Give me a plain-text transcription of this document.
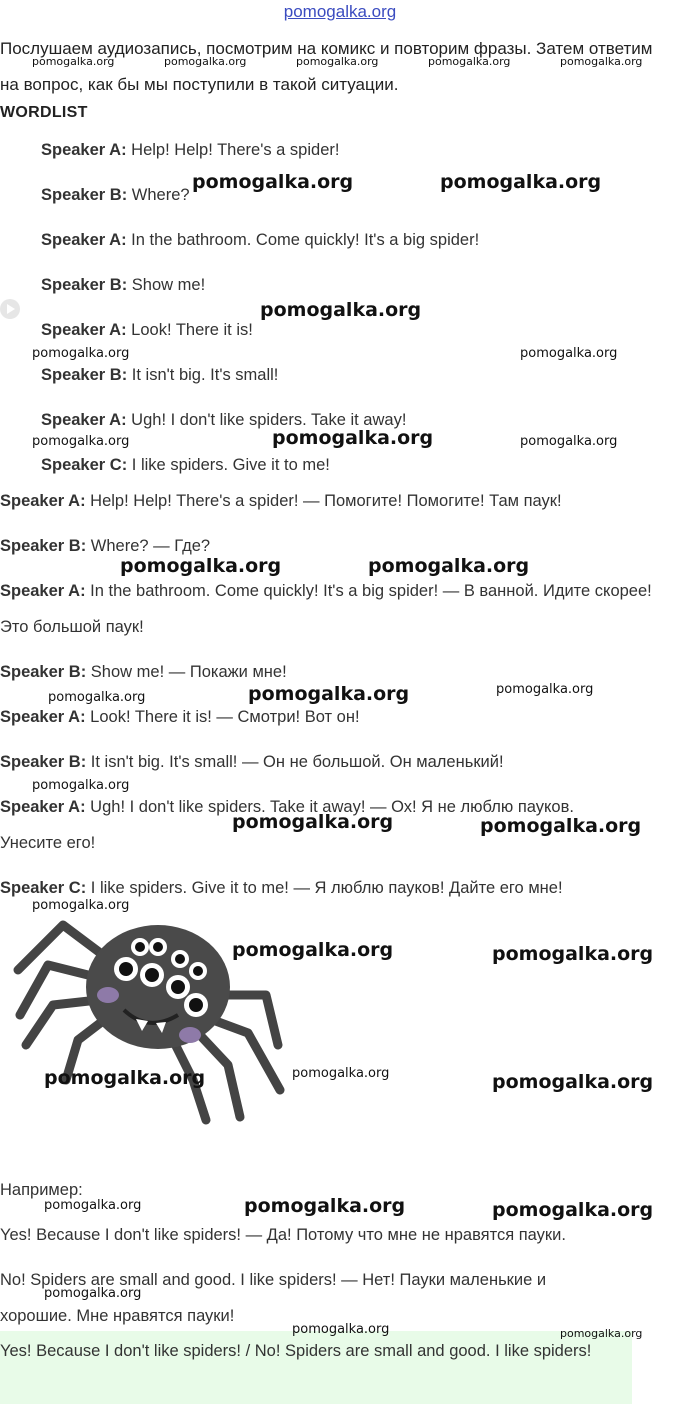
pomogalka.org
Послушаем аудиозапись, посмотрим на комикс и повторим фразы. Затем ответим на вопрос, как бы мы поступили в такой ситуации.
WORDLIST
Speaker A: Help! Help! There's a spider!
Speaker B: Where?
Speaker A: In the bathroom. Come quickly! It's a big spider!
Speaker B: Show me!
Speaker A: Look! There it is!
Speaker B: It isn't big. It's small!
Speaker A: Ugh! I don't like spiders. Take it away!
Speaker C: I like spiders. Give it to me!
Speaker A: Help! Help! There's a spider! — Помогите! Помогите! Там паук!
Speaker B: Where? — Где?
Speaker A: In the bathroom. Come quickly! It's a big spider! — В ванной. Идите скорее! Это большой паук!
Speaker B: Show me! — Покажи мне!
Speaker A: Look! There it is! — Смотри! Вот он!
Speaker B: It isn't big. It's small! — Он не большой. Он маленький!
Speaker A: Ugh! I don't like spiders. Take it away! — Ох! Я не люблю пауков. Унесите его!
Speaker C: I like spiders. Give it to me! — Я люблю пауков! Дайте его мне!
Например:
Yes! Because I don't like spiders! — Да! Потому что мне не нравятся пауки.
No! Spiders are small and good. I like spiders! — Нет! Пауки маленькие и хорошие. Мне нравятся пауки!
Yes! Because I don't like spiders! / No! Spiders are small and good. I like spiders!
pomogalka.org	pomogalka.org	pomogalka.org	pomogalka.org	pomogalka.org
pomogalka.org	pomogalka.org
pomogalka.org
pomogalka.org	pomogalka.org
pomogalka.org	pomogalka.org	pomogalka.org
pomogalka.org	pomogalka.org
pomogalka.org	pomogalka.org	pomogalka.org
pomogalka.org
pomogalka.org	pomogalka.org
pomogalka.org
pomogalka.org	pomogalka.org
pomogalka.org	pomogalka.org	pomogalka.org
pomogalka.org	pomogalka.org	pomogalka.org
pomogalka.org
pomogalka.org	pomogalka.org
